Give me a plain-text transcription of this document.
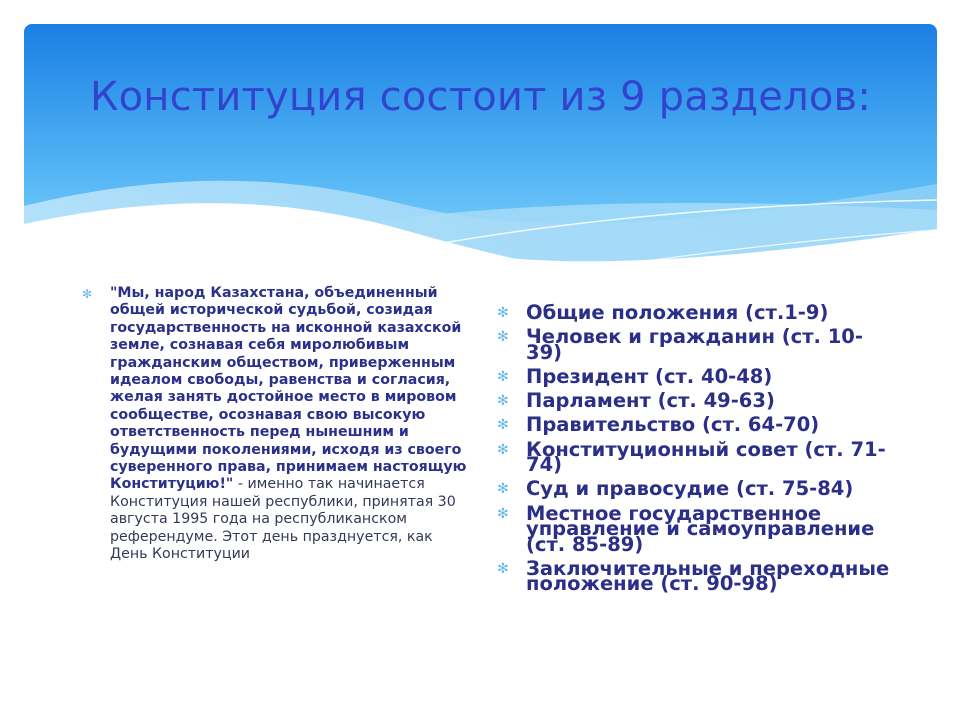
Конституция состоит из 9 разделов:
✻ "Мы, народ Казахстана, объединенный общей исторической судьбой, созидая государственность на исконной казахской земле, сознавая себя миролюбивым гражданским обществом, приверженным идеалом свободы, равенства и согласия, желая занять достойное место в мировом сообществе, осознавая свою высокую ответственность перед нынешним и будущими поколениями, исходя из своего суверенного права, принимаем настоящую Конституцию!" - именно так начинается Конституция нашей республики, принятая 30 августа 1995 года на республиканском референдуме. Этот день празднуется, как День Конституции
✻ Общие положения (ст.1-9)
✻ Человек и гражданин (ст. 10-39)
✻ Президент (ст. 40-48)
✻ Парламент (ст. 49-63)
✻ Правительство (ст. 64-70)
✻ Конституционный совет (ст. 71-74)
✻ Суд и правосудие (ст. 75-84)
✻ Местное государственное управление и самоуправление (ст. 85-89)
✻ Заключительные и переходные положение (ст. 90-98)
